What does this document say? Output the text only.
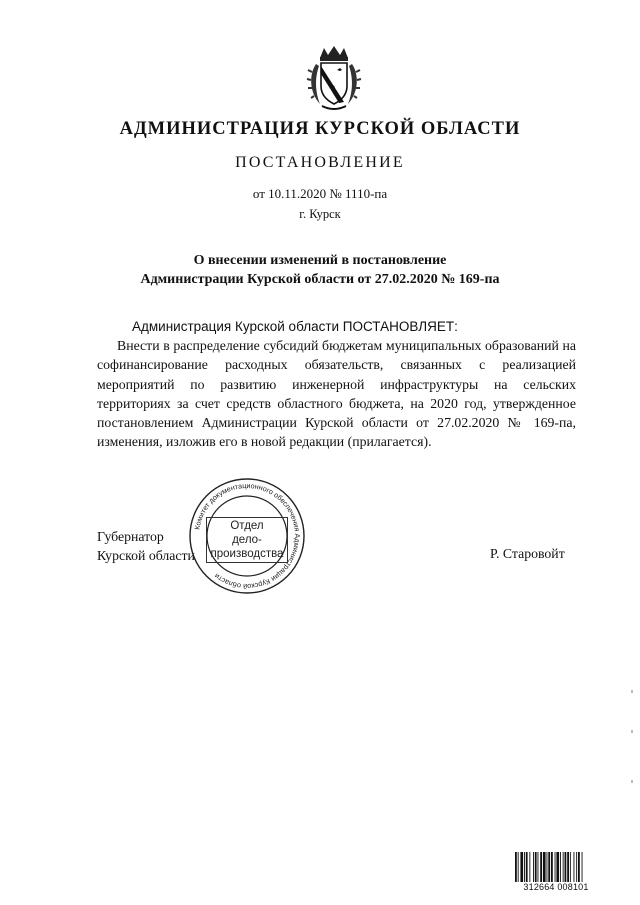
АДМИНИСТРАЦИЯ КУРСКОЙ ОБЛАСТИ
ПОСТАНОВЛЕНИЕ
от 10.11.2020 № 1110-па
г. Курск
О внесении изменений в постановление
Администрации Курской области от 27.02.2020 № 169-па
Администрация Курской области ПОСТАНОВЛЯЕТ:
Внести в распределение субсидий бюджетам муниципальных образований на софинансирование расходных обязательств, связанных с реализацией мероприятий по развитию инженерной инфраструктуры на сельских территориях за счет средств областного бюджета, на 2020 год, утвержденное постановлением Администрации Курской области от 27.02.2020 № 169-па, изменения, изложив его в новой редакции (прилагается).
Губернатор
Курской области	Р. Старовойт
Комитет документационного обеспечения Администрации Курской области
Отдел
дело-
производства
312664 008101
